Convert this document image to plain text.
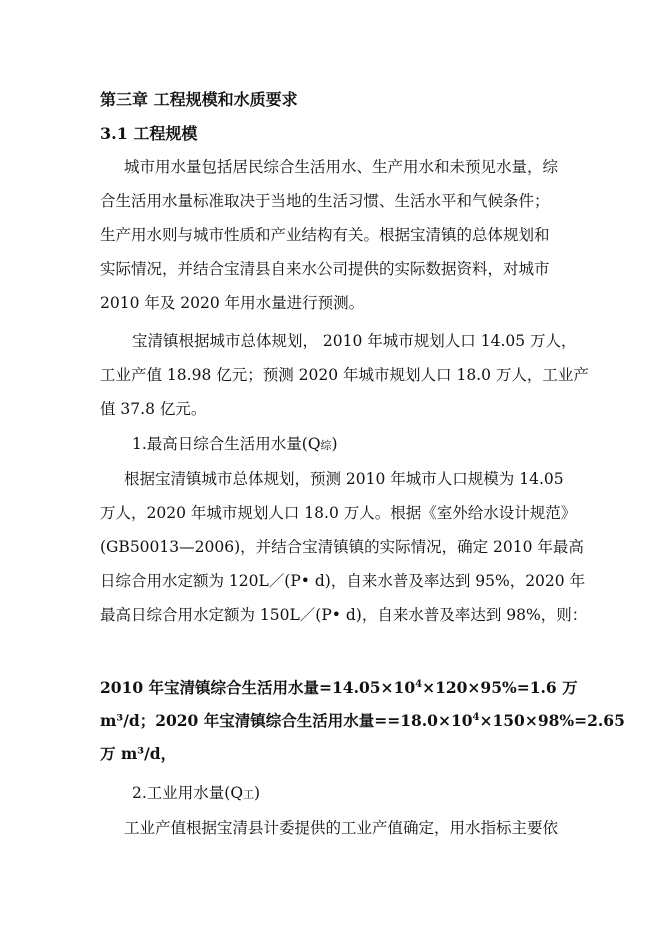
第三章 工程规模和水质要求
3.1 工程规模
城市用水量包括居民综合生活用水、生产用水和未预见水量，综
合生活用水量标准取决于当地的生活习惯、生活水平和气候条件；
生产用水则与城市性质和产业结构有关。根据宝清镇的总体规划和
实际情况，并结合宝清县自来水公司提供的实际数据资料，对城市
2010 年及 2020 年用水量进行预测。
宝清镇根据城市总体规划， 2010 年城市规划人口 14.05 万人，
工业产值 18.98 亿元；预测 2020 年城市规划人口 18.0 万人，工业产
值 37.8 亿元。
1.最高日综合生活用水量(Q综)
根据宝清镇城市总体规划，预测 2010 年城市人口规模为 14.05
万人，2020 年城市规划人口 18.0 万人。根据《室外给水设计规范》
(GB50013—2006)，并结合宝清镇镇的实际情况，确定 2010 年最高
日综合用水定额为 120L／(P• d)，自来水普及率达到 95%，2020 年
最高日综合用水定额为 150L／(P• d)，自来水普及率达到 98%，则：
2010 年宝清镇综合生活用水量$=14.05\times 10^4\times 120\times 95\%=1.6$ 万
m³/d；2020 年宝清镇综合生活用水量$==18.0\times 10^4\times 150\times 98\%=2.65$
万 m³/d，
2.工业用水量(Q工)
工业产值根据宝清县计委提供的工业产值确定，用水指标主要依
